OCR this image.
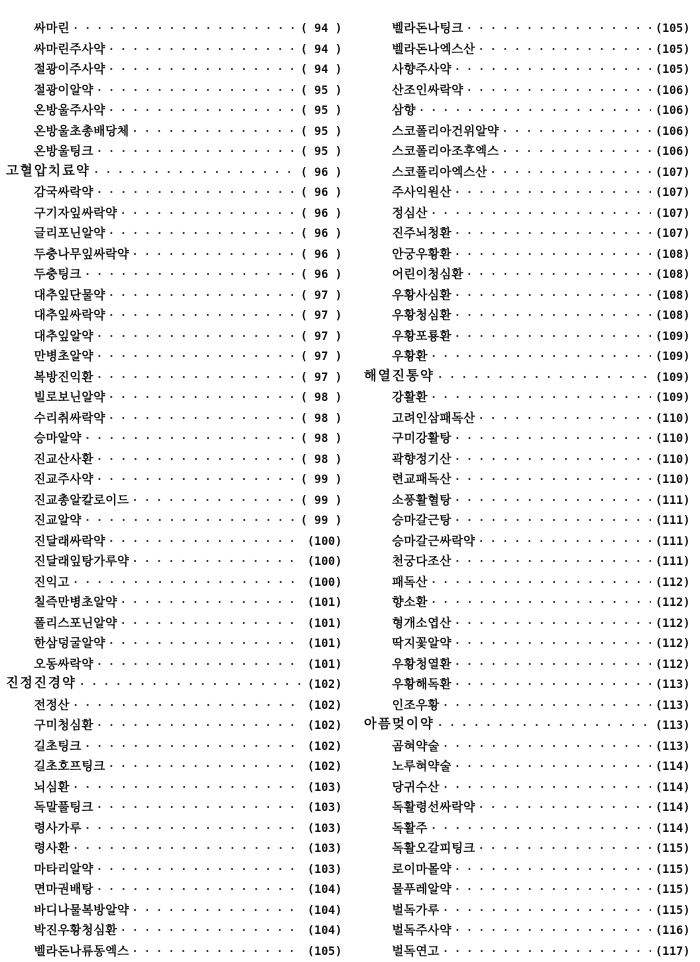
싸마린 . . .	( 94 )
싸마린주사약 . . .	( 94 )
절광이주사약 . . .	( 94 )
절광이알약 . . .	( 95 )
온방울주사약 . . .	( 95 )
온방울초총배당체 . . .	( 95 )
온방울팅크 . . .	( 95 )
고혈압치료약 . . .	( 96 )
감국싸락약 . . .	( 96 )
구기자잎싸락약 . . .	( 96 )
글리포닌알약 . . .	( 96 )
두충나무잎싸락약 . . .	( 96 )
두충팅크 . . .	( 96 )
대추잎단물약 . . .	( 97 )
대추잎싸락약 . . .	( 97 )
대추잎알약 . . .	( 97 )
만병초알약 . . .	( 97 )
복방진익환 . . .	( 97 )
빌로보닌알약 . . .	( 98 )
수리취싸락약 . . .	( 98 )
승마알약 . . .	( 98 )
진교산사환 . . .	( 98 )
진교주사약 . . .	( 99 )
진교총알칼로이드 . . .	( 99 )
진교알약 . . .	( 99 )
진달래싸락약 . . .	(100)
진달래잎탕가루약 . . .	(100)
진익고 . . .	(100)
칠즉만병초알약 . . .	(101)
폴리스포닌알약 . . .	(101)
한삼덩굴알약 . . .	(101)
오동싸락약 . . .	(101)
진정진경약 . . .	(102)
전정산 . . .	(102)
구미청심환 . . .	(102)
길초팅크 . . .	(102)
길초호프팅크 . . .	(102)
뇌심환 . . .	(103)
독말풀팅크 . . .	(103)
령사가루 . . .	(103)
령사환 . . .	(103)
마타리알약 . . .	(103)
면마권배탕 . . .	(104)
바디나물복방알약 . . .	(104)
박진우황청심환 . . .	(104)
벨라돈나류동엑스 . . .	(105)
벨라돈나팅크 . . .	(105)
벨라돈나엑스산 . . .	(105)
사향주사약 . . .	(105)
산조인싸락약 . . .	(106)
삼향 . . .	(106)
스코폴리아건위알약 . . .	(106)
스코폴리아조후엑스 . . .	(106)
스코폴리아엑스산 . . .	(107)
주사익원산 . . .	(107)
정심산 . . .	(107)
진주뇌청환 . . .	(107)
안궁우황환 . . .	(108)
어린이청심환 . . .	(108)
우황사심환 . . .	(108)
우황청심환 . . .	(108)
우황포룡환 . . .	(109)
우황환 . . .	(109)
해열진통약 . . .	(109)
강활환 . . .	(109)
고려인삼패독산 . . .	(110)
구미강활탕 . . .	(110)
곽향정기산 . . .	(110)
련교패독산 . . .	(110)
소풍활혈탕 . . .	(111)
승마갈근탕 . . .	(111)
승마갈근싸락약 . . .	(111)
천궁다조산 . . .	(111)
패독산 . . .	(112)
향소환 . . .	(112)
형개소엽산 . . .	(112)
딱지꽃알약 . . .	(112)
우황청열환 . . .	(112)
우황해독환 . . .	(113)
인조우황 . . .	(113)
아픔멎이약 . . .	(113)
곰혀약술 . . .	(113)
노루혀약술 . . .	(114)
당귀수산 . . .	(114)
독활령선싸락약 . . .	(114)
독활주 . . .	(114)
독활오갈피팅크 . . .	(115)
로이마몰약 . . .	(115)
물푸레알약 . . .	(115)
벌독가루 . . .	(115)
벌독주사약 . . .	(116)
벌독연고 . . .	(117)
